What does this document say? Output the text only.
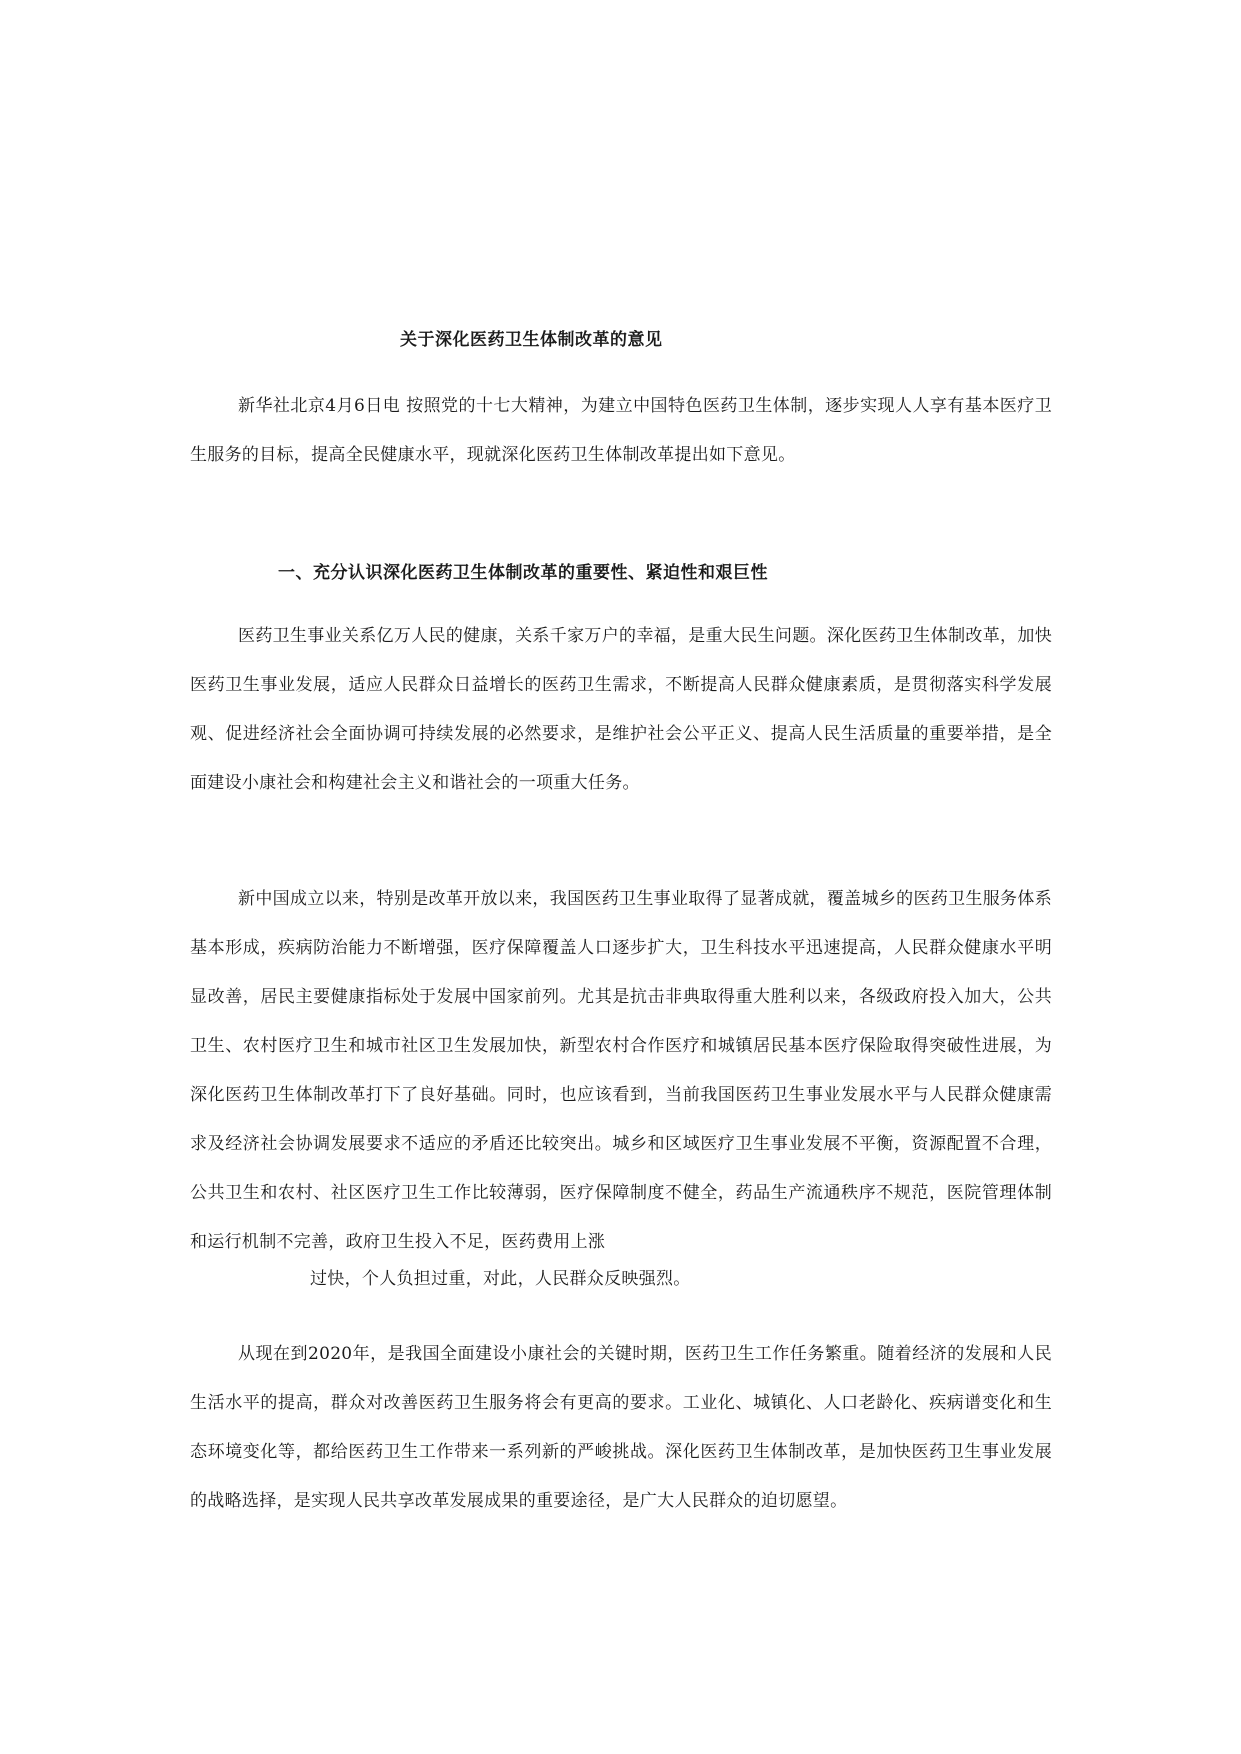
关于深化医药卫生体制改革的意见

新华社北京4月6日电 按照党的十七大精神，为建立中国特色医药卫生体制，逐步实现人人享有基本医疗卫生服务的目标，提高全民健康水平，现就深化医药卫生体制改革提出如下意见。

一、充分认识深化医药卫生体制改革的重要性、紧迫性和艰巨性

医药卫生事业关系亿万人民的健康，关系千家万户的幸福，是重大民生问题。深化医药卫生体制改革，加快医药卫生事业发展，适应人民群众日益增长的医药卫生需求，不断提高人民群众健康素质，是贯彻落实科学发展观、促进经济社会全面协调可持续发展的必然要求，是维护社会公平正义、提高人民生活质量的重要举措，是全面建设小康社会和构建社会主义和谐社会的一项重大任务。

新中国成立以来，特别是改革开放以来，我国医药卫生事业取得了显著成就，覆盖城乡的医药卫生服务体系基本形成，疾病防治能力不断增强，医疗保障覆盖人口逐步扩大，卫生科技水平迅速提高，人民群众健康水平明显改善，居民主要健康指标处于发展中国家前列。尤其是抗击非典取得重大胜利以来，各级政府投入加大，公共卫生、农村医疗卫生和城市社区卫生发展加快，新型农村合作医疗和城镇居民基本医疗保险取得突破性进展，为深化医药卫生体制改革打下了良好基础。同时，也应该看到，当前我国医药卫生事业发展水平与人民群众健康需求及经济社会协调发展要求不适应的矛盾还比较突出。城乡和区域医疗卫生事业发展不平衡，资源配置不合理，公共卫生和农村、社区医疗卫生工作比较薄弱，医疗保障制度不健全，药品生产流通秩序不规范，医院管理体制和运行机制不完善，政府卫生投入不足，医药费用上涨

过快，个人负担过重，对此，人民群众反映强烈。

从现在到2020年，是我国全面建设小康社会的关键时期，医药卫生工作任务繁重。随着经济的发展和人民生活水平的提高，群众对改善医药卫生服务将会有更高的要求。工业化、城镇化、人口老龄化、疾病谱变化和生态环境变化等，都给医药卫生工作带来一系列新的严峻挑战。深化医药卫生体制改革，是加快医药卫生事业发展的战略选择，是实现人民共享改革发展成果的重要途径，是广大人民群众的迫切愿望。
